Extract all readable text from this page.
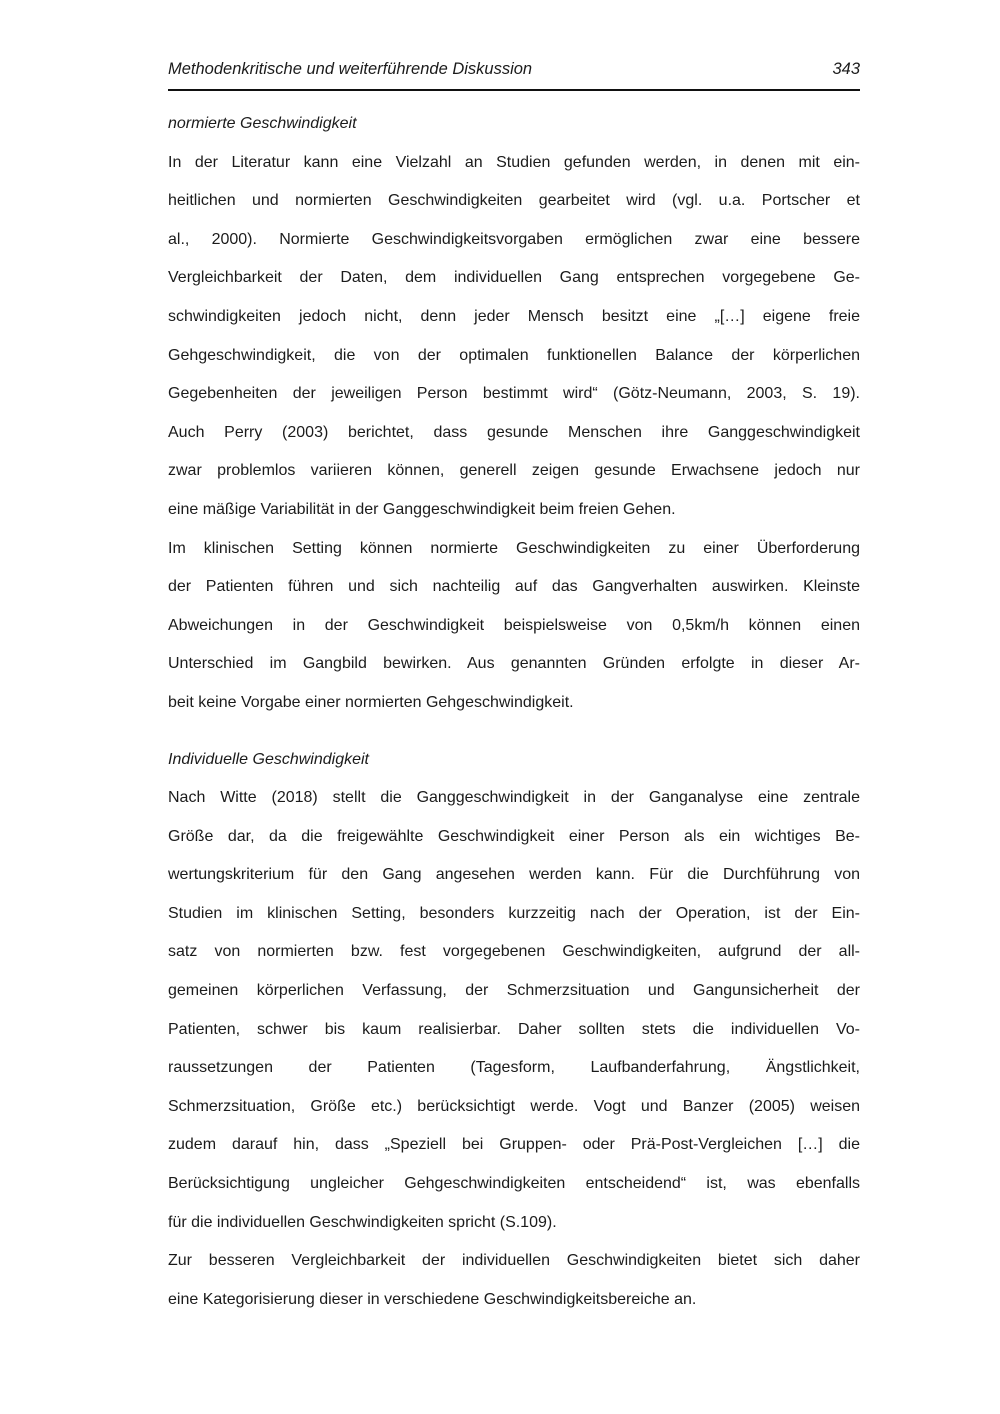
Methodenkritische und weiterführende Diskussion	343
normierte Geschwindigkeit
In der Literatur kann eine Vielzahl an Studien gefunden werden, in denen mit ein-
heitlichen und normierten Geschwindigkeiten gearbeitet wird (vgl. u.a. Portscher et
al., 2000). Normierte Geschwindigkeitsvorgaben ermöglichen zwar eine bessere
Vergleichbarkeit der Daten, dem individuellen Gang entsprechen vorgegebene Ge-
schwindigkeiten jedoch nicht, denn jeder Mensch besitzt eine „[…] eigene freie
Gehgeschwindigkeit, die von der optimalen funktionellen Balance der körperlichen
Gegebenheiten der jeweiligen Person bestimmt wird“ (Götz-Neumann, 2003, S. 19).
Auch Perry (2003) berichtet, dass gesunde Menschen ihre Ganggeschwindigkeit
zwar problemlos variieren können, generell zeigen gesunde Erwachsene jedoch nur
eine mäßige Variabilität in der Ganggeschwindigkeit beim freien Gehen.
Im klinischen Setting können normierte Geschwindigkeiten zu einer Überforderung
der Patienten führen und sich nachteilig auf das Gangverhalten auswirken. Kleinste
Abweichungen in der Geschwindigkeit beispielsweise von 0,5km/h können einen
Unterschied im Gangbild bewirken. Aus genannten Gründen erfolgte in dieser Ar-
beit keine Vorgabe einer normierten Gehgeschwindigkeit.
Individuelle Geschwindigkeit
Nach Witte (2018) stellt die Ganggeschwindigkeit in der Ganganalyse eine zentrale
Größe dar, da die freigewählte Geschwindigkeit einer Person als ein wichtiges Be-
wertungskriterium für den Gang angesehen werden kann. Für die Durchführung von
Studien im klinischen Setting, besonders kurzzeitig nach der Operation, ist der Ein-
satz von normierten bzw. fest vorgegebenen Geschwindigkeiten, aufgrund der all-
gemeinen körperlichen Verfassung, der Schmerzsituation und Gangunsicherheit der
Patienten, schwer bis kaum realisierbar. Daher sollten stets die individuellen Vo-
raussetzungen der Patienten (Tagesform, Laufbanderfahrung, Ängstlichkeit,
Schmerzsituation, Größe etc.) berücksichtigt werde. Vogt und Banzer (2005) weisen
zudem darauf hin, dass „Speziell bei Gruppen- oder Prä-Post-Vergleichen […] die
Berücksichtigung ungleicher Gehgeschwindigkeiten entscheidend“ ist, was ebenfalls
für die individuellen Geschwindigkeiten spricht (S.109).
Zur besseren Vergleichbarkeit der individuellen Geschwindigkeiten bietet sich daher
eine Kategorisierung dieser in verschiedene Geschwindigkeitsbereiche an.
